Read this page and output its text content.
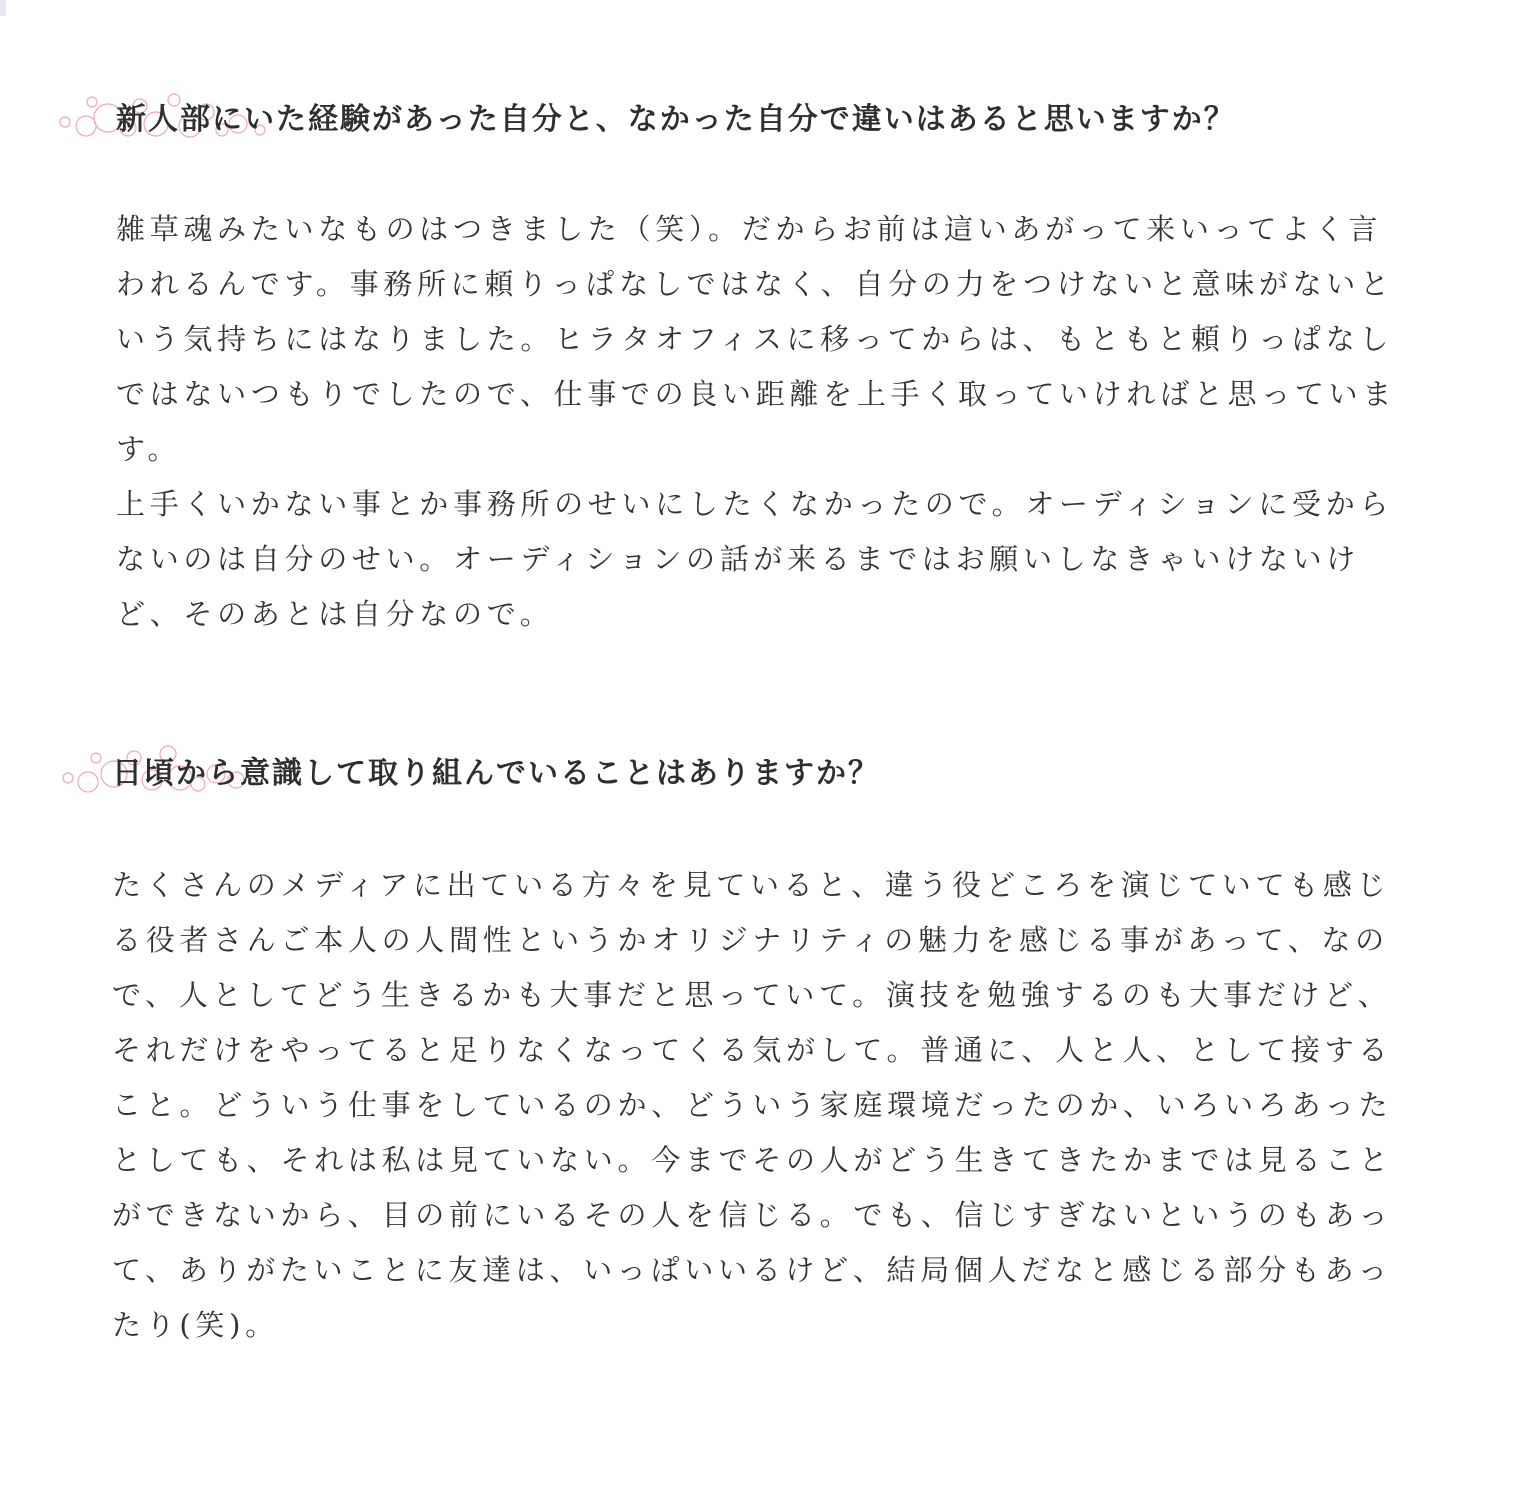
新人部にいた経験があった自分と、なかった自分で違いはあると思いますか？

雑草魂みたいなものはつきました（笑）。だからお前は這いあがって来いってよく言われるんです。事務所に頼りっぱなしではなく、自分の力をつけないと意味がないという気持ちにはなりました。ヒラタオフィスに移ってからは、もともと頼りっぱなしではないつもりでしたので、仕事での良い距離を上手く取っていければと思っています。

上手くいかない事とか事務所のせいにしたくなかったので。オーディションに受からないのは自分のせい。オーディションの話が来るまではお願いしなきゃいけないけど、そのあとは自分なので。

日頃から意識して取り組んでいることはありますか？

たくさんのメディアに出ている方々を見ていると、違う役どころを演じていても感じる役者さんご本人の人間性というかオリジナリティの魅力を感じる事があって、なので、人としてどう生きるかも大事だと思っていて。演技を勉強するのも大事だけど、それだけをやってると足りなくなってくる気がして。普通に、人と人、として接すること。どういう仕事をしているのか、どういう家庭環境だったのか、いろいろあったとしても、それは私は見ていない。今までその人がどう生きてきたかまでは見ることができないから、目の前にいるその人を信じる。でも、信じすぎないというのもあって、ありがたいことに友達は、いっぱいいるけど、結局個人だなと感じる部分もあったり(笑)。
